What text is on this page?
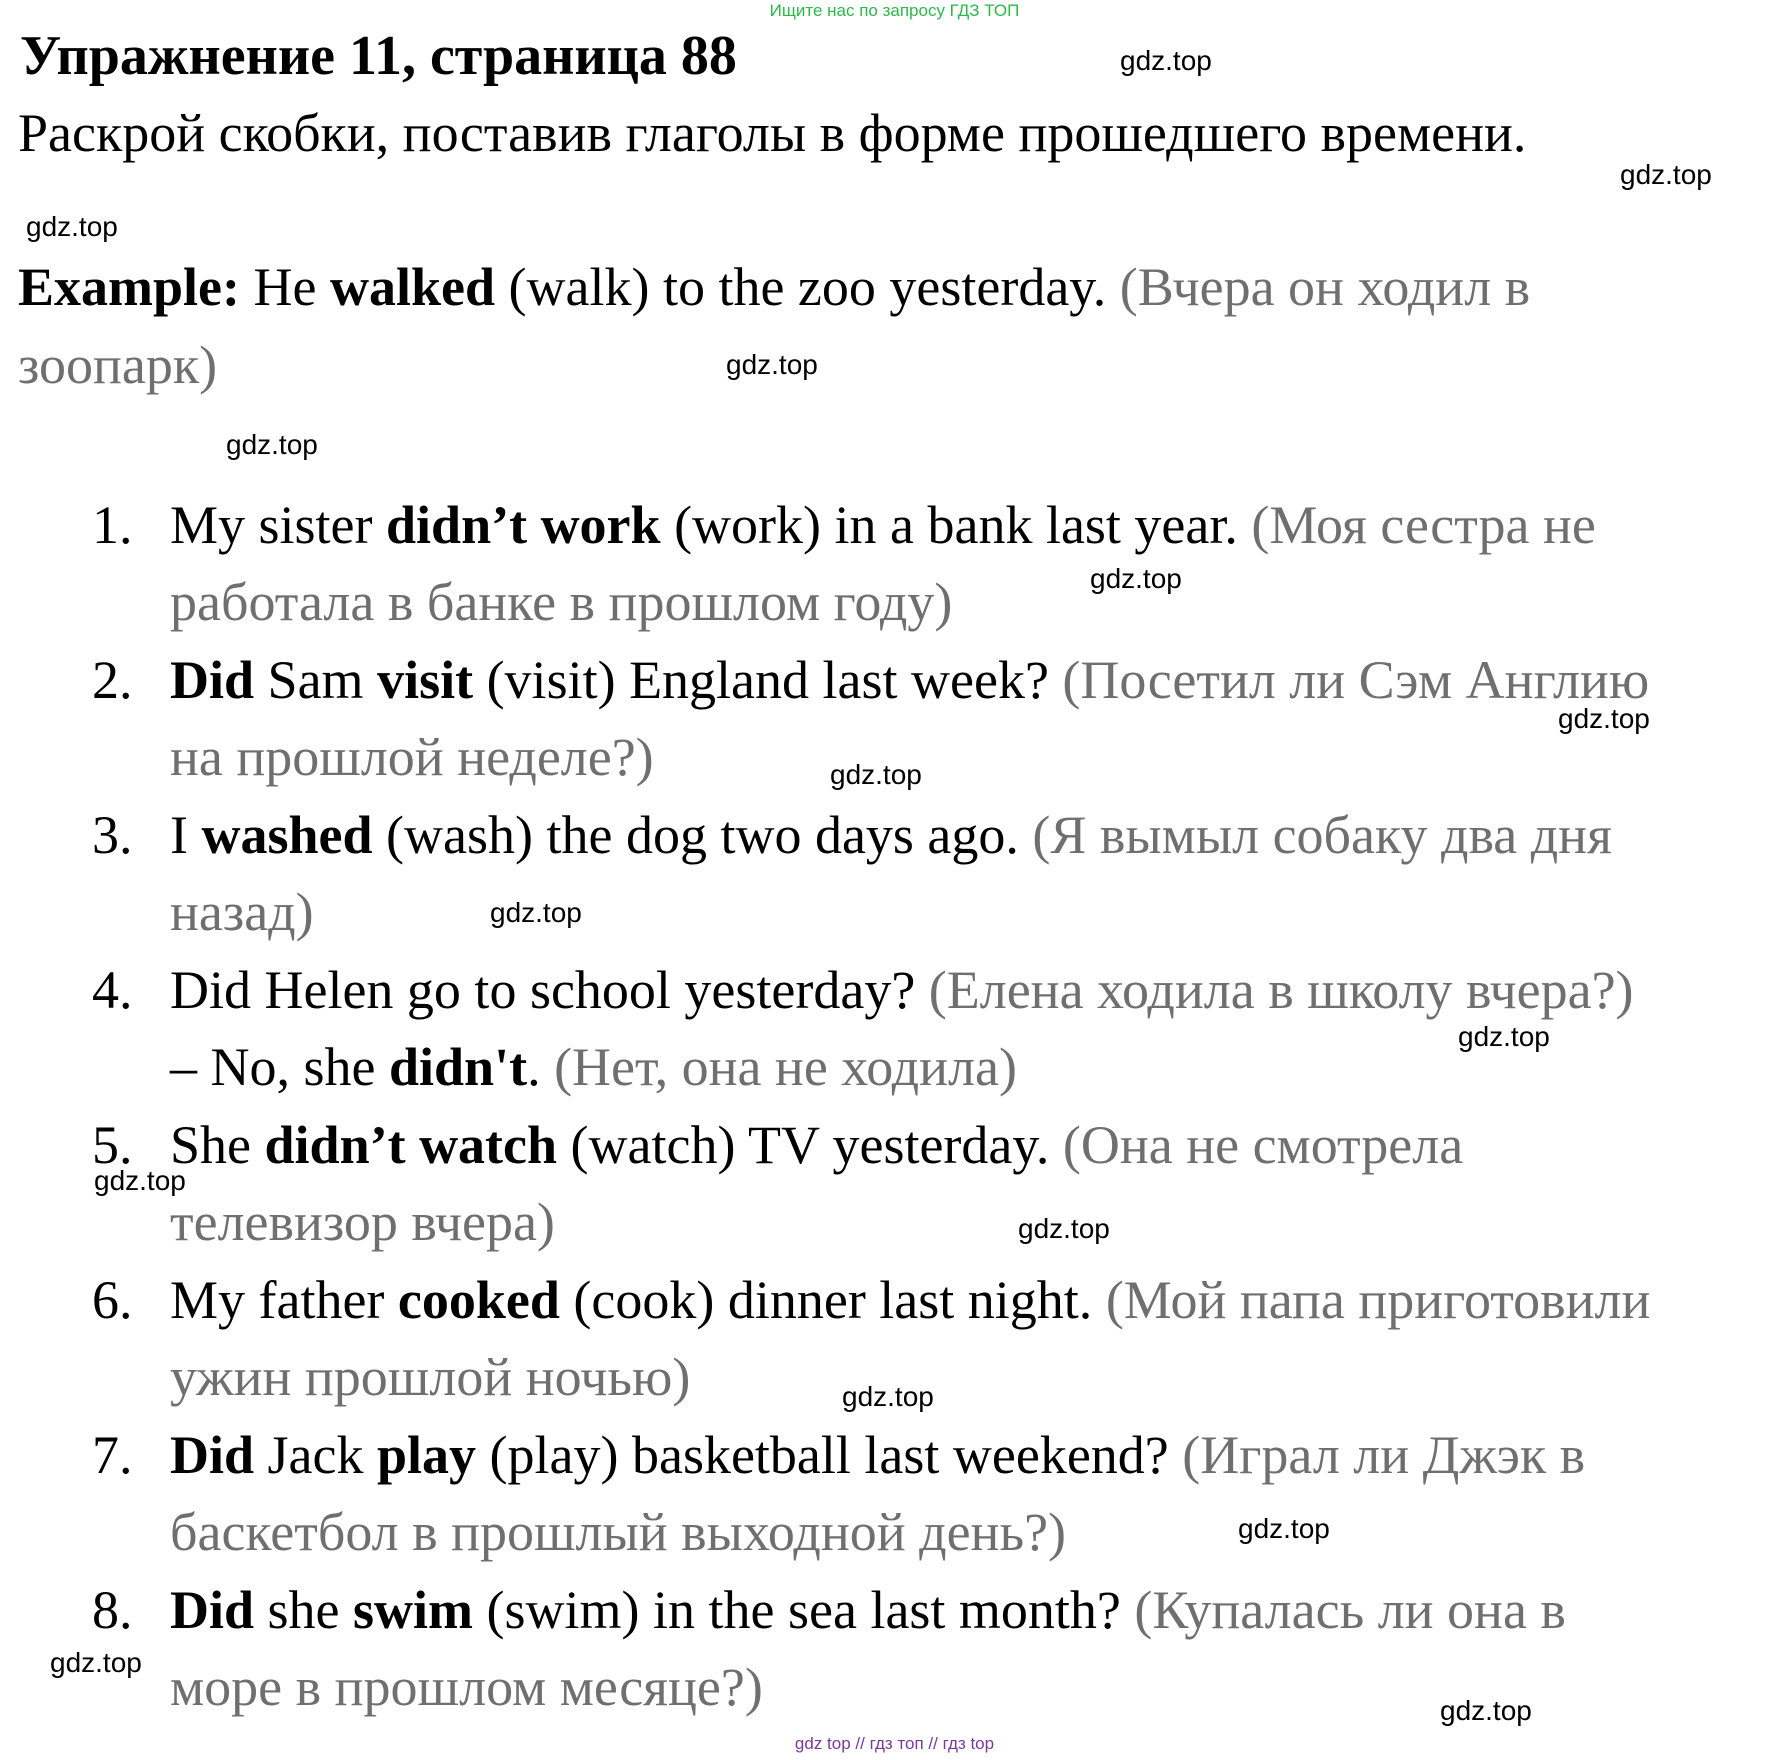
Ищите нас по запросу ГДЗ ТОП
Упражнение 11, страница 88
Раскрой скобки, поставив глаголы в форме прошедшего времени.
Example: He walked (walk) to the zoo yesterday. (Вчера он ходил в
зоопарк)
1. My sister didn’t work (work) in a bank last year. (Моя сестра не
работала в банке в прошлом году)
2. Did Sam visit (visit) England last week? (Посетил ли Сэм Англию
на прошлой неделе?)
3. I washed (wash) the dog two days ago. (Я вымыл собаку два дня
назад)
4. Did Helen go to school yesterday? (Елена ходила в школу вчера?)
– No, she didn't. (Нет, она не ходила)
5. She didn’t watch (watch) TV yesterday. (Она не смотрела
телевизор вчера)
6. My father cooked (cook) dinner last night. (Мой папа приготовили
ужин прошлой ночью)
7. Did Jack play (play) basketball last weekend? (Играл ли Джэк в
баскетбол в прошлый выходной день?)
8. Did she swim (swim) in the sea last month? (Купалась ли она в
море в прошлом месяце?)
gdz.top
gdz.top
gdz.top
gdz.top
gdz.top
gdz.top
gdz.top
gdz.top
gdz.top
gdz.top
gdz.top
gdz.top
gdz.top
gdz.top
gdz.top
gdz.top
gdz top // гдз топ // гдз top
